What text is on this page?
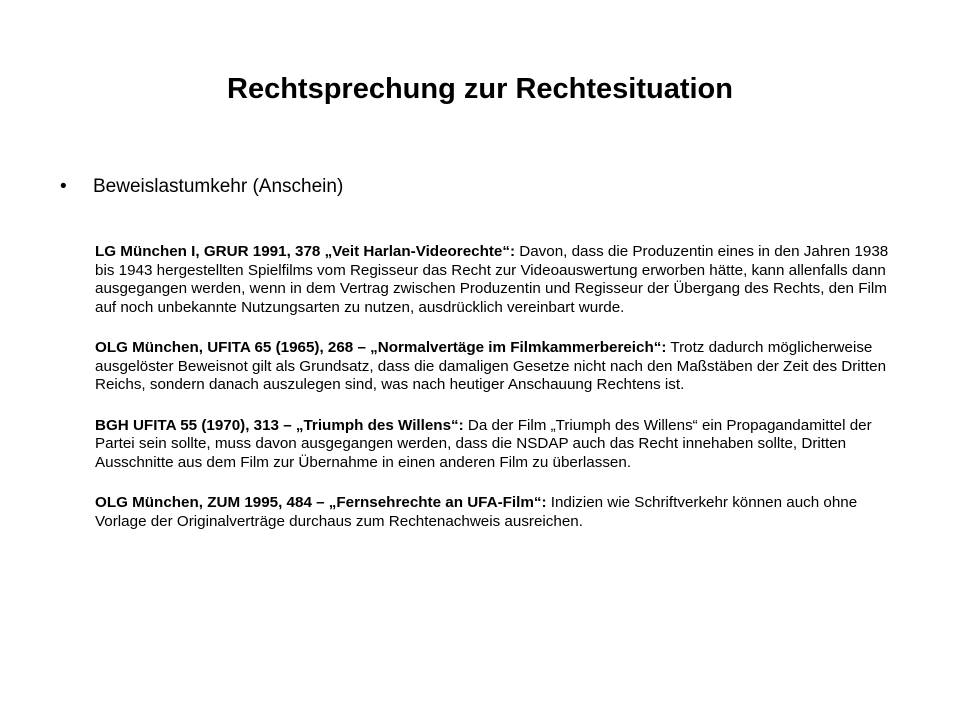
Rechtsprechung zur Rechtesituation
• Beweislastumkehr (Anschein)

LG München I, GRUR 1991, 378 „Veit Harlan-Videorechte“: Davon, dass die Produzentin eines in den Jahren 1938 bis 1943 hergestellten Spielfilms vom Regisseur das Recht zur Videoauswertung erworben hätte, kann allenfalls dann ausgegangen werden, wenn in dem Vertrag zwischen Produzentin und Regisseur der Übergang des Rechts, den Film auf noch unbekannte Nutzungsarten zu nutzen, ausdrücklich vereinbart wurde.

OLG München, UFITA 65 (1965), 268 – „Normalvertäge im Filmkammerbereich“: Trotz dadurch möglicherweise ausgelöster Beweisnot gilt als Grundsatz, dass die damaligen Gesetze nicht nach den Maßstäben der Zeit des Dritten Reichs, sondern danach auszulegen sind, was nach heutiger Anschauung Rechtens ist.

BGH UFITA 55 (1970), 313 – „Triumph des Willens“: Da der Film „Triumph des Willens“ ein Propagandamittel der Partei sein sollte, muss davon ausgegangen werden, dass die NSDAP auch das Recht innehaben sollte, Dritten Ausschnitte aus dem Film zur Übernahme in einen anderen Film zu überlassen.

OLG München, ZUM 1995, 484 – „Fernsehrechte an UFA-Film“: Indizien wie Schriftverkehr können auch ohne Vorlage der Originalverträge durchaus zum Rechtenachweis ausreichen.
